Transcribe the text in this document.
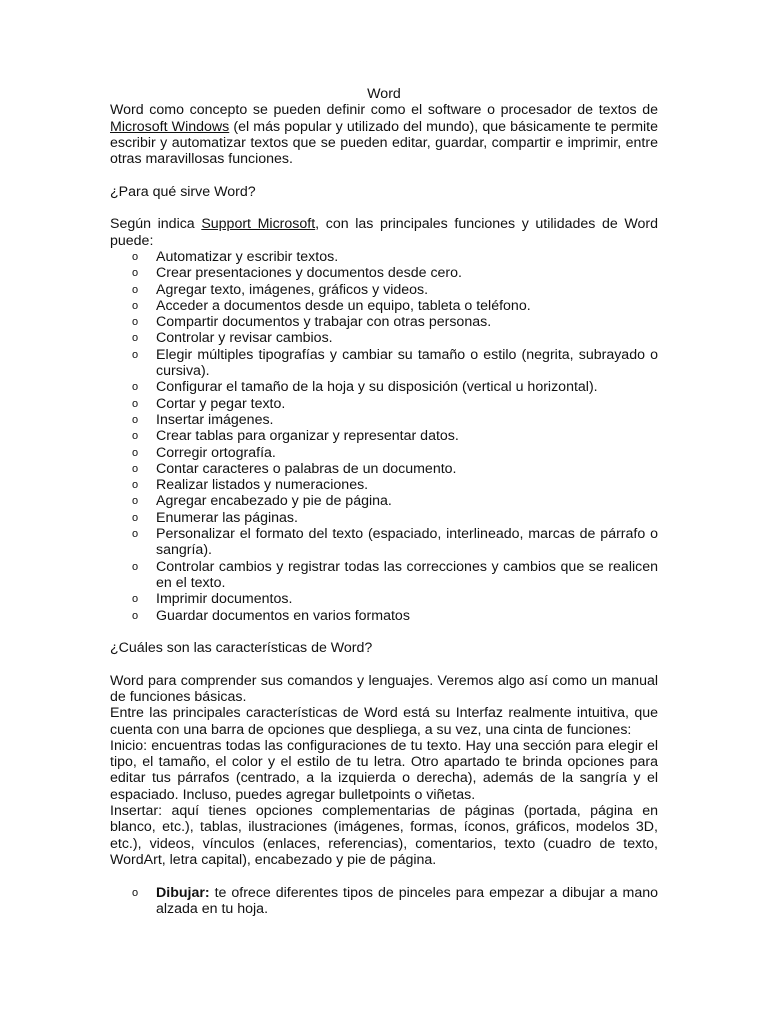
Word
Word como concepto se pueden definir como el software o procesador de textos de Microsoft Windows (el más popular y utilizado del mundo), que básicamente te permite escribir y automatizar textos que se pueden editar, guardar, compartir e imprimir, entre otras maravillosas funciones.
¿Para qué sirve Word?
Según indica Support Microsoft, con las principales funciones y utilidades de Word puede:
o Automatizar y escribir textos.
o Crear presentaciones y documentos desde cero.
o Agregar texto, imágenes, gráficos y videos.
o Acceder a documentos desde un equipo, tableta o teléfono.
o Compartir documentos y trabajar con otras personas.
o Controlar y revisar cambios.
o Elegir múltiples tipografías y cambiar su tamaño o estilo (negrita, subrayado o cursiva).
o Configurar el tamaño de la hoja y su disposición (vertical u horizontal).
o Cortar y pegar texto.
o Insertar imágenes.
o Crear tablas para organizar y representar datos.
o Corregir ortografía.
o Contar caracteres o palabras de un documento.
o Realizar listados y numeraciones.
o Agregar encabezado y pie de página.
o Enumerar las páginas.
o Personalizar el formato del texto (espaciado, interlineado, marcas de párrafo o sangría).
o Controlar cambios y registrar todas las correcciones y cambios que se realicen en el texto.
o Imprimir documentos.
o Guardar documentos en varios formatos
¿Cuáles son las características de Word?
Word para comprender sus comandos y lenguajes. Veremos algo así como un manual de funciones básicas.
Entre las principales características de Word está su Interfaz realmente intuitiva, que cuenta con una barra de opciones que despliega, a su vez, una cinta de funciones:
Inicio: encuentras todas las configuraciones de tu texto. Hay una sección para elegir el tipo, el tamaño, el color y el estilo de tu letra. Otro apartado te brinda opciones para editar tus párrafos (centrado, a la izquierda o derecha), además de la sangría y el espaciado. Incluso, puedes agregar bulletpoints o viñetas.
Insertar: aquí tienes opciones complementarias de páginas (portada, página en blanco, etc.), tablas, ilustraciones (imágenes, formas, íconos, gráficos, modelos 3D, etc.), videos, vínculos (enlaces, referencias), comentarios, texto (cuadro de texto, WordArt, letra capital), encabezado y pie de página.
o Dibujar: te ofrece diferentes tipos de pinceles para empezar a dibujar a mano alzada en tu hoja.
